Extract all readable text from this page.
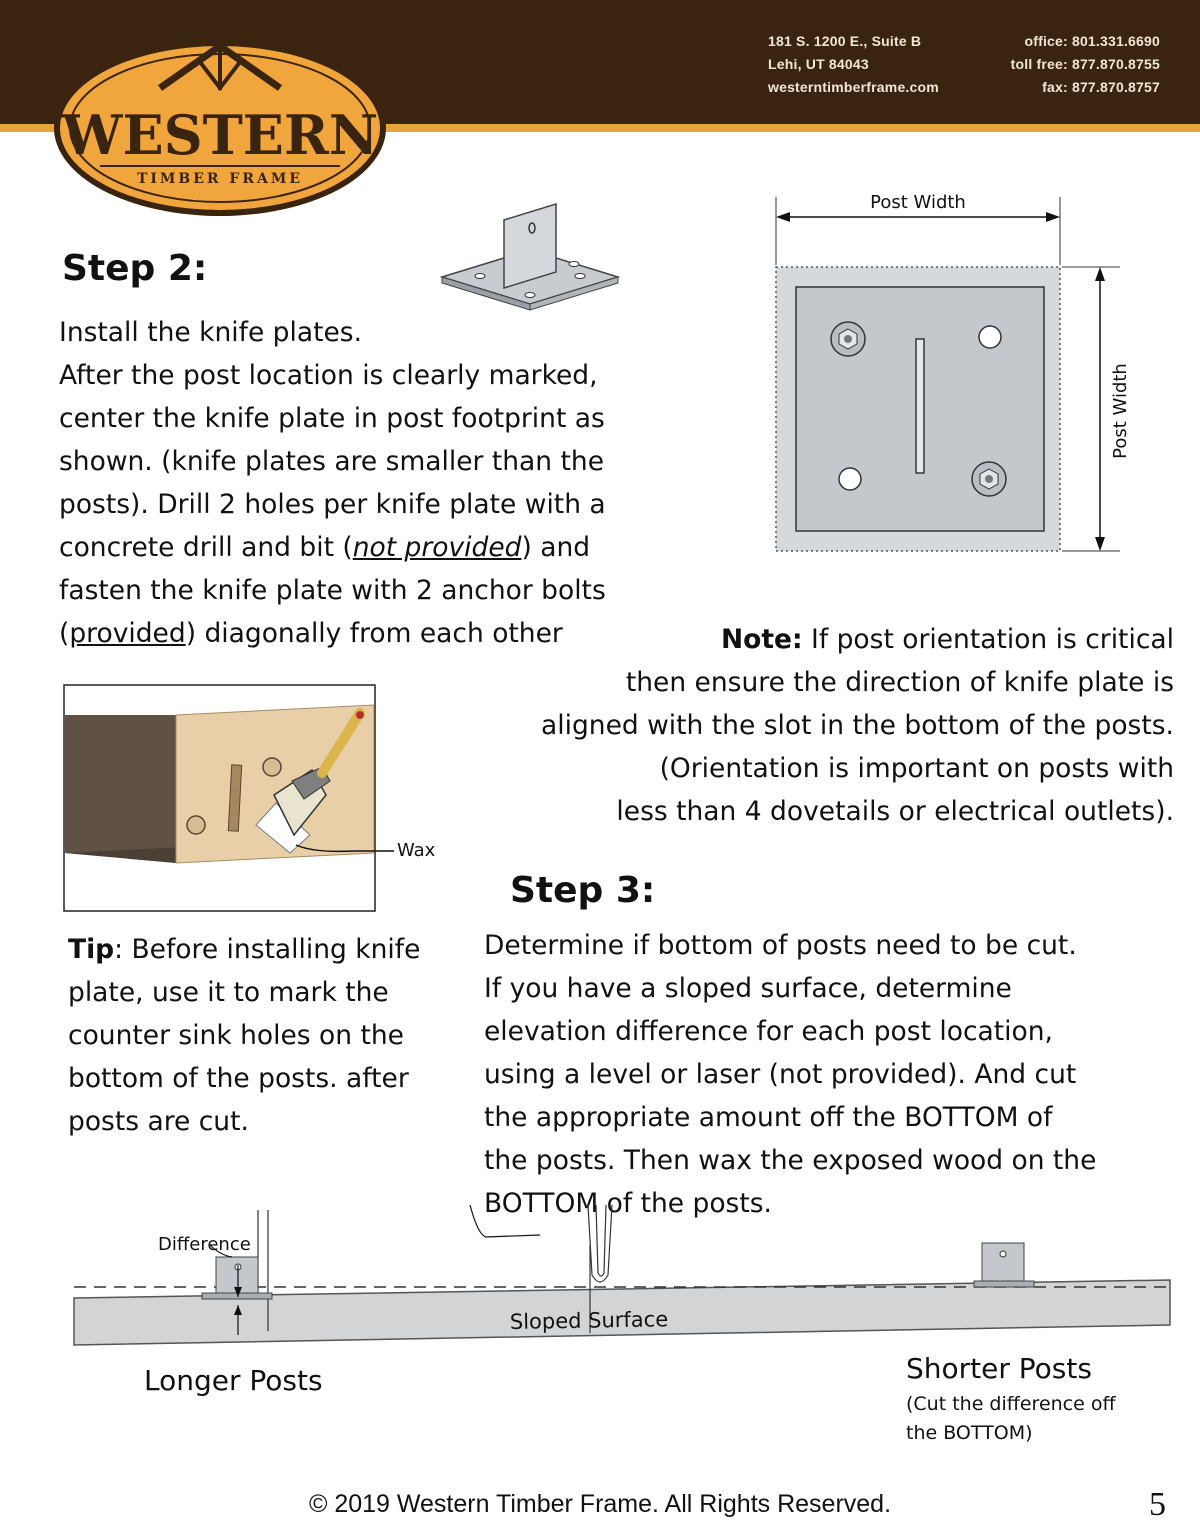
181 S. 1200 E., Suite B
Lehi, UT 84043
westerntimberframe.com
office: 801.331.6690
toll free: 877.870.8755
fax: 877.870.8757
WESTERN
TIMBER FRAME
Step 2:

Install the knife plates.

After the post location is clearly marked,

center the knife plate in post footprint as

shown. (knife plates are smaller than the

posts). Drill 2 holes per knife plate with a

concrete drill and bit (not provided) and

fasten the knife plate with 2 anchor bolts

(provided) diagonally from each other

Post Width
Post Width

Note: If post orientation is critical

then ensure the direction of knife plate is

aligned with the slot in the bottom of the posts.

(Orientation is important on posts with

less than 4 dovetails or electrical outlets).

Wax
Step 3:

Tip: Before installing knife

plate, use it to mark the

counter sink holes on the

bottom of the posts. after

posts are cut.

Determine if bottom of posts need to be cut.

If you have a sloped surface, determine

elevation difference for each post location,

using a level or laser (not provided). And cut

the appropriate amount off the BOTTOM of

the posts. Then wax the exposed wood on the

BOTTOM of the posts.

Difference
Sloped Surface
Longer Posts	Shorter Posts
(Cut the difference off
the BOTTOM)
© 2019 Western Timber Frame. All Rights Reserved.	5
